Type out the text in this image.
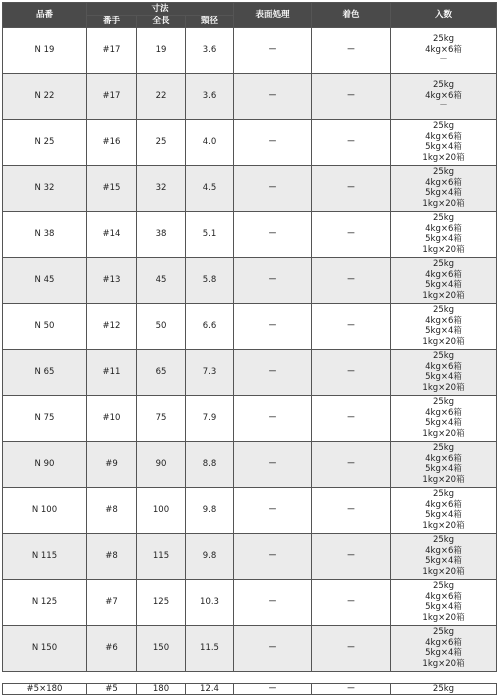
品番	寸法			表面処理	着色	入数
	番手	全長	頸径			
N 19	#17	19	3.6	－	－	25kg
4kg×6箱
－

N 22	#17	22	3.6	－	－	25kg
4kg×6箱
－

N 25	#16	25	4.0	－	－	25kg
4kg×6箱
5kg×4箱
1kg×20箱

N 32	#15	32	4.5	－	－	25kg
4kg×6箱
5kg×4箱
1kg×20箱

N 38	#14	38	5.1	－	－	25kg
4kg×6箱
5kg×4箱
1kg×20箱

N 45	#13	45	5.8	－	－	25kg
4kg×6箱
5kg×4箱
1kg×20箱

N 50	#12	50	6.6	－	－	25kg
4kg×6箱
5kg×4箱
1kg×20箱

N 65	#11	65	7.3	－	－	25kg
4kg×6箱
5kg×4箱
1kg×20箱

N 75	#10	75	7.9	－	－	25kg
4kg×6箱
5kg×4箱
1kg×20箱

N 90	#9	90	8.8	－	－	25kg
4kg×6箱
5kg×4箱
1kg×20箱

N 100	#8	100	9.8	－	－	25kg
4kg×6箱
5kg×4箱
1kg×20箱

N 115	#8	115	9.8	－	－	25kg
4kg×6箱
5kg×4箱
1kg×20箱

N 125	#7	125	10.3	－	－	25kg
4kg×6箱
5kg×4箱
1kg×20箱

N 150	#6	150	11.5	－	－	25kg
4kg×6箱
5kg×4箱
1kg×20箱
#5×180	#5	180	12.4	－	－	25kg
